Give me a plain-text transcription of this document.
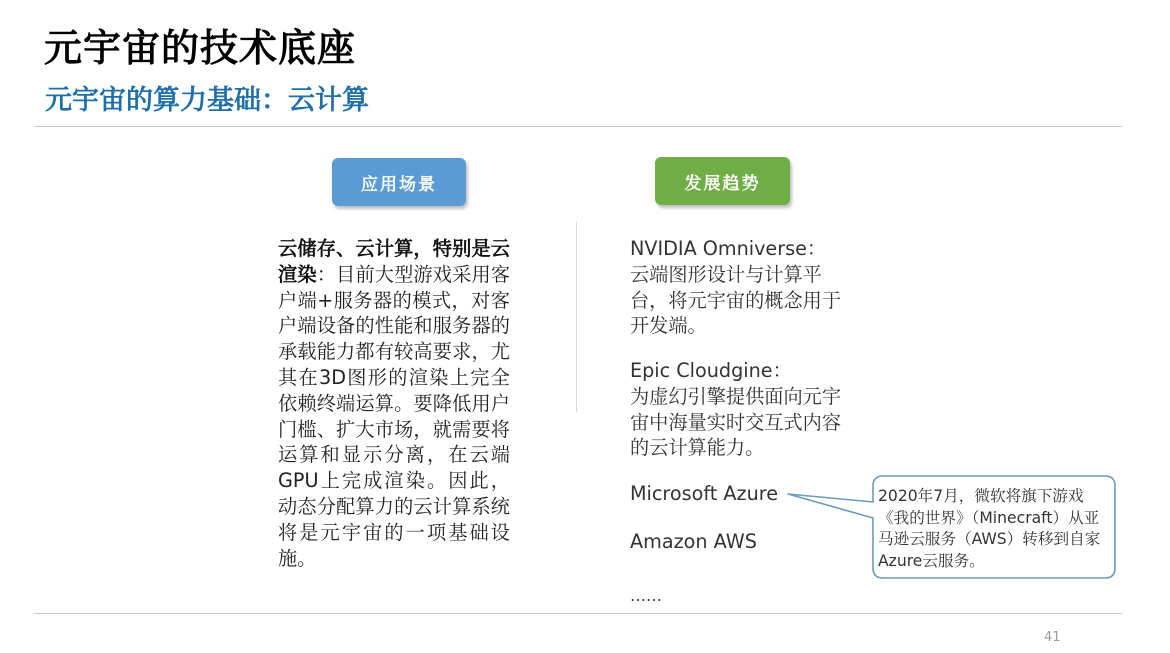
元宇宙的技术底座
元宇宙的算力基础：云计算
应用场景	发展趋势
云储存、云计算，特别是云渲染：目前大型游戏采用客户端+服务器的模式，对客户端设备的性能和服务器的承载能力都有较高要求，尤其在3D图形的渲染上完全依赖终端运算。要降低用户门槛、扩大市场，就需要将运算和显示分离，在云端GPU上完成渲染。因此，动态分配算力的云计算系统将是元宇宙的一项基础设施。
NVIDIA Omniverse：
云端图形设计与计算平台，将元宇宙的概念用于开发端。
Epic Cloudgine：
为虚幻引擎提供面向元宇宙中海量实时交互式内容的云计算能力。
Microsoft Azure
Amazon AWS
……
2020年7月，微软将旗下游戏《我的世界》（Minecraft）从亚马逊云服务（AWS）转移到自家Azure云服务。
41
